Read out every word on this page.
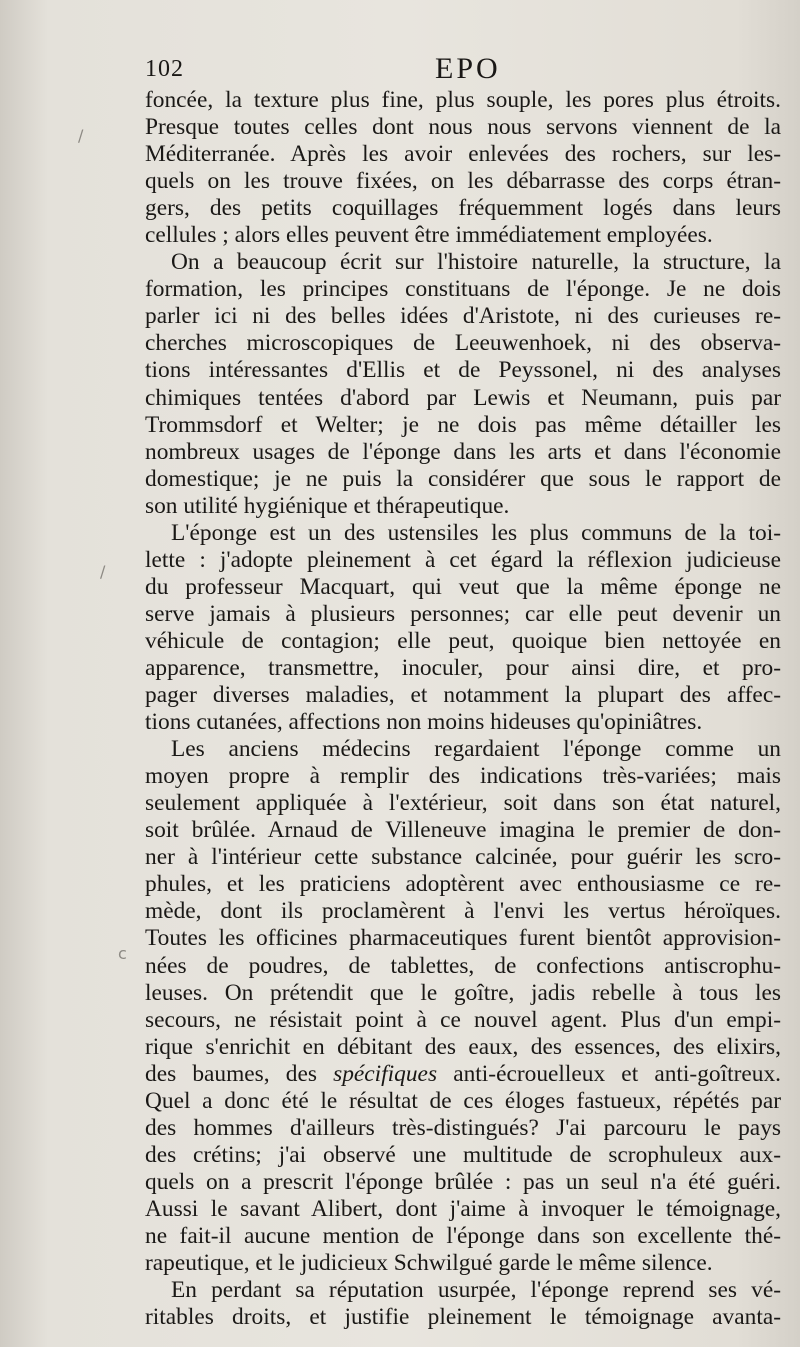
102	EPO
/
/
c
foncée, la texture plus fine, plus souple, les pores plus étroits.
Presque toutes celles dont nous nous servons viennent de la
Méditerranée. Après les avoir enlevées des rochers, sur les-
quels on les trouve fixées, on les débarrasse des corps étran-
gers, des petits coquillages fréquemment logés dans leurs
cellules ; alors elles peuvent être immédiatement employées.
On a beaucoup écrit sur l'histoire naturelle, la structure, la
formation, les principes constituans de l'éponge. Je ne dois
parler ici ni des belles idées d'Aristote, ni des curieuses re-
cherches microscopiques de Leeuwenhoek, ni des observa-
tions intéressantes d'Ellis et de Peyssonel, ni des analyses
chimiques tentées d'abord par Lewis et Neumann, puis par
Trommsdorf et Welter; je ne dois pas même détailler les
nombreux usages de l'éponge dans les arts et dans l'économie
domestique; je ne puis la considérer que sous le rapport de
son utilité hygiénique et thérapeutique.
L'éponge est un des ustensiles les plus communs de la toi-
lette : j'adopte pleinement à cet égard la réflexion judicieuse
du professeur Macquart, qui veut que la même éponge ne
serve jamais à plusieurs personnes; car elle peut devenir un
véhicule de contagion; elle peut, quoique bien nettoyée en
apparence, transmettre, inoculer, pour ainsi dire, et pro-
pager diverses maladies, et notamment la plupart des affec-
tions cutanées, affections non moins hideuses qu'opiniâtres.
Les anciens médecins regardaient l'éponge comme un
moyen propre à remplir des indications très-variées; mais
seulement appliquée à l'extérieur, soit dans son état naturel,
soit brûlée. Arnaud de Villeneuve imagina le premier de don-
ner à l'intérieur cette substance calcinée, pour guérir les scro-
phules, et les praticiens adoptèrent avec enthousiasme ce re-
mède, dont ils proclamèrent à l'envi les vertus héroïques.
Toutes les officines pharmaceutiques furent bientôt approvision-
nées de poudres, de tablettes, de confections antiscrophu-
leuses. On prétendit que le goître, jadis rebelle à tous les
secours, ne résistait point à ce nouvel agent. Plus d'un empi-
rique s'enrichit en débitant des eaux, des essences, des elixirs,
des baumes, des spécifiques anti-écrouelleux et anti-goîtreux.
Quel a donc été le résultat de ces éloges fastueux, répétés par
des hommes d'ailleurs très-distingués? J'ai parcouru le pays
des crétins; j'ai observé une multitude de scrophuleux aux-
quels on a prescrit l'éponge brûlée : pas un seul n'a été guéri.
Aussi le savant Alibert, dont j'aime à invoquer le témoignage,
ne fait-il aucune mention de l'éponge dans son excellente thé-
rapeutique, et le judicieux Schwilgué garde le même silence.
En perdant sa réputation usurpée, l'éponge reprend ses vé-
ritables droits, et justifie pleinement le témoignage avanta-
